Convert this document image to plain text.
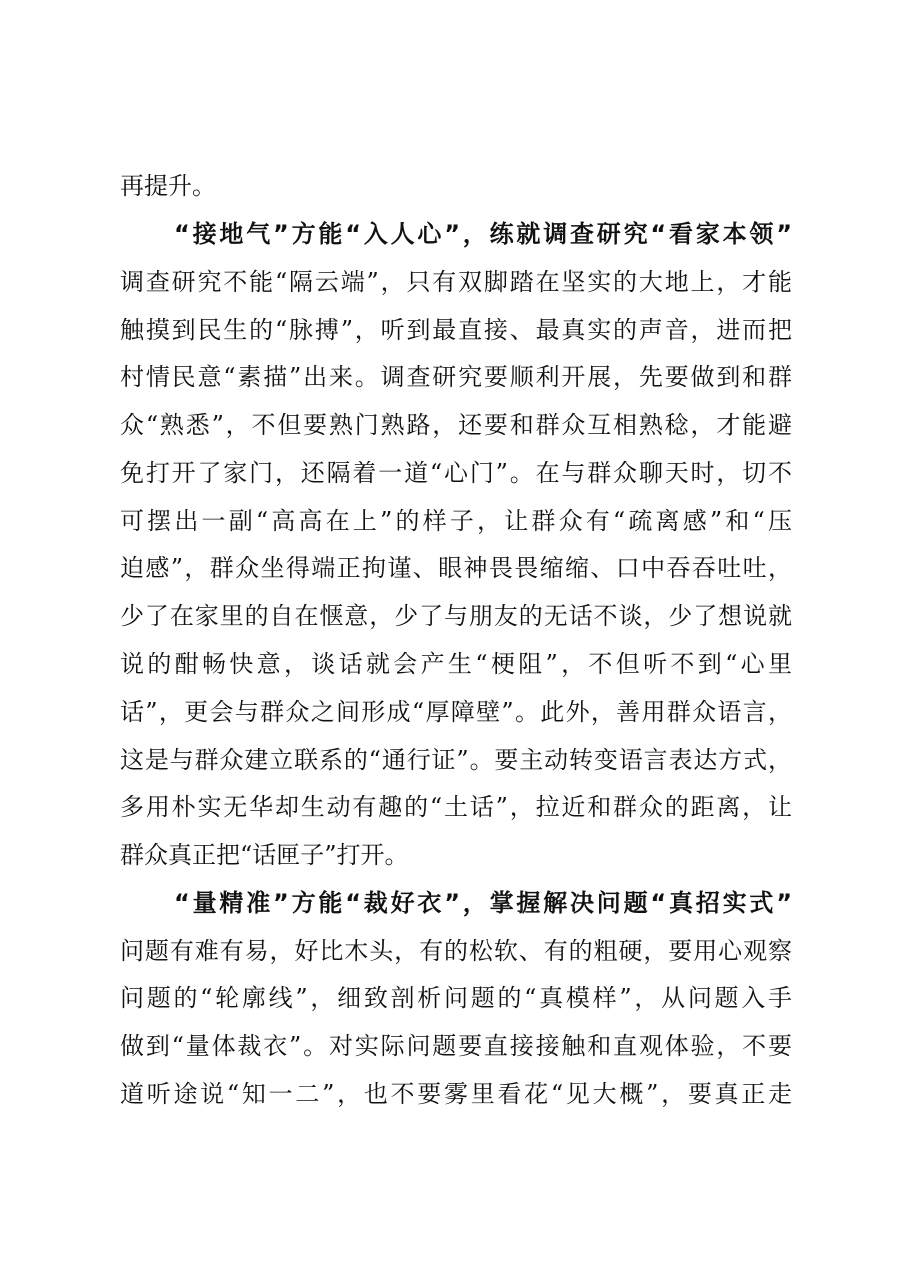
再提升。
“接地气”方能“入人心”，练就调查研究“看家本领”
调查研究不能“隔云端”，只有双脚踏在坚实的大地上，才能
触摸到民生的“脉搏”，听到最直接、最真实的声音，进而把
村情民意“素描”出来。调查研究要顺利开展，先要做到和群
众“熟悉”，不但要熟门熟路，还要和群众互相熟稔，才能避
免打开了家门，还隔着一道“心门”。在与群众聊天时，切不
可摆出一副“高高在上”的样子，让群众有“疏离感”和“压
迫感”，群众坐得端正拘谨、眼神畏畏缩缩、口中吞吞吐吐，
少了在家里的自在惬意，少了与朋友的无话不谈，少了想说就
说的酣畅快意，谈话就会产生“梗阻”，不但听不到“心里
话”，更会与群众之间形成“厚障壁”。此外，善用群众语言，
这是与群众建立联系的“通行证”。要主动转变语言表达方式，
多用朴实无华却生动有趣的“土话”，拉近和群众的距离，让
群众真正把“话匣子”打开。
“量精准”方能“裁好衣”，掌握解决问题“真招实式”
问题有难有易，好比木头，有的松软、有的粗硬，要用心观察
问题的“轮廓线”，细致剖析问题的“真模样”，从问题入手
做到“量体裁衣”。对实际问题要直接接触和直观体验，不要
道听途说“知一二”，也不要雾里看花“见大概”，要真正走
